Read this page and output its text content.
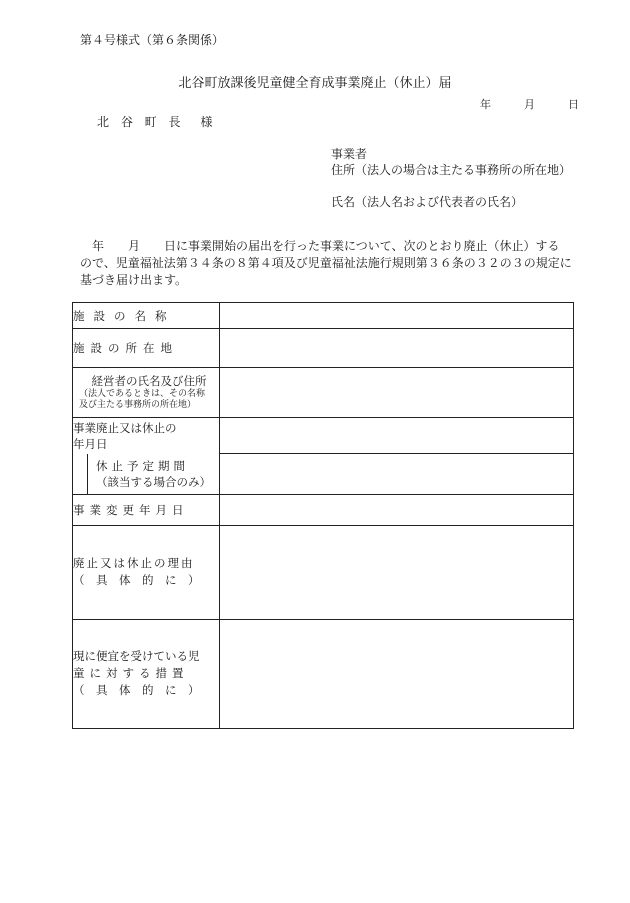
第４号様式（第６条関係）
北谷町放課後児童健全育成事業廃止（休止）届
年	月	日
北 谷 町 長　様
事業者
住所（法人の場合は主たる事務所の所在地）
氏名（法人名および代表者の氏名）
　年　　月　　日に事業開始の届出を行った事業について、次のとおり廃止（休止）する
ので、児童福祉法第３４条の８第４項及び児童福祉法施行規則第３６条の３２の３の規定に
基づき届け出ます。
施設の名称	
施設の所在地	

経営者の氏名及び住所
（法人であるときは、その名称
及び主たる事務所の所在地）	

事業廃止又は休止の
年月日	

休止予定期間
（該当する場合のみ）	

事業変更年月日	

廃止又は休止の理由
（　具　体　的　に　）	

現に便宜を受けている児
童に対する措置
（　具　体　的　に　）	
